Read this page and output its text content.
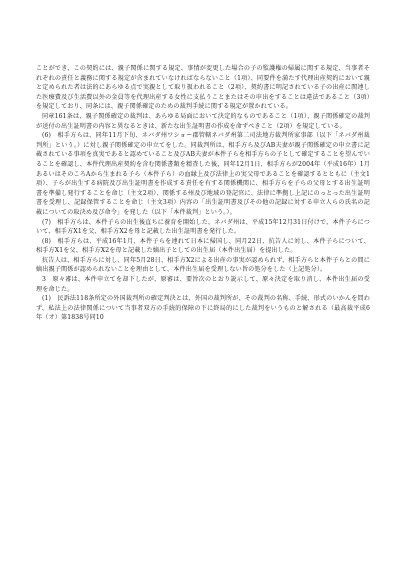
ことができ、この契約には、親子関係に関する規定、事情が変更した場合の子の監護権の帰属に関する規定、当事者それぞれの責任と義務に関する規定が含まれていなければならないこと（1項）、同要件を満たす代理出産契約において親と定められた者は法的にあらゆる点で実親として取り扱われること（2項）、契約書に明記されている子の出産に関連した医療費及び生活費以外の金員等を代理出産する女性に支払うことまたはその申出をすることは違法であること（3項）を規定しており、同条には、親子関係確定のための裁判手続に関する規定が置かれている。

同章161条は、親子関係確定の裁判は、あらゆる局面において決定的なものであること（1項）、親子関係確定の裁判が送付の出生証明書の内容と異なるときは、新たな出生証明書の作成を命ずべきこと（2項）を規定している。

(6)　相手方らは、同年11月下旬、ネバダ州ワショー郡管轄ネバダ州第二司法地方裁判所家事部（以下「ネバダ州裁判所」という。）に対し親子関係確定の申立てをした。同裁判所は、相手方ら及びAB夫妻が親子関係確定の申立書に記載されている事項を真実であると認めていること及びAB夫妻が本件子らを相手方らの子として確定することを望んでいることを確認し、本件代理出産契約を含む関係書類を精査した後、同年12月1日、相手方らが2004年（平成16年）1月あるいはそのころAから生まれる子ら（本件子ら）の血縁上及び法律上の実父母であることを確認するとともに（主文1項）、子らが出生する病院及び出生証明書を作成する責任を有する関係機関に、相手方らを子らの父母とする出生証明書を準備し発行することを命じ（主文2項）、関係する州及び地域の登記官に、法律に準拠し上記にのっとった出生証明書を受理し、記録保管することを命じ（主文3項）内容の「出生証明書及びその他の記録に対する申立人らの氏名の記載についての取決め及び命令」を発した（以下「本件裁判」という。）。

(7)　相手方らは、本件子らの出生後直ちに養育を開始した。ネバダ州は、平成15年12月31日付けで、本件子らについて、相手方X1を父、相手方X2を母と記載した出生証明書を発行した。

(8)　相手方らは、平成16年1月、本件子らを連れて日本に帰国し、同月22日、抗告人に対し、本件子らについて、相手方X1を父、相手方X2を母と記載した嫡出子としての出生届（本件出生届）を提出した。

抗告人は、相手方らに対し、同年5月28日、相手方X2による出産の事実が認められず、相手方らと本件子らとの間に嫡出親子関係が認められないことを理由として、本件出生届を受理しない旨の処分をした（上記処分）。

3　原々審は、本件申立てを却下したが、原審は、要旨次のとおり説示して、原々決定を取り消し、本件出生届の受理を命じた。

(1)　民訴法118条所定の外国裁判所の確定判決とは、外国の裁判所が、その裁判の名称、手続、形式のいかんを問わず、私法上の法律関係について当事者双方の手続的保障の下に終局的にした裁判をいうものと解される（最高裁平成6年（オ）第1838号同10
